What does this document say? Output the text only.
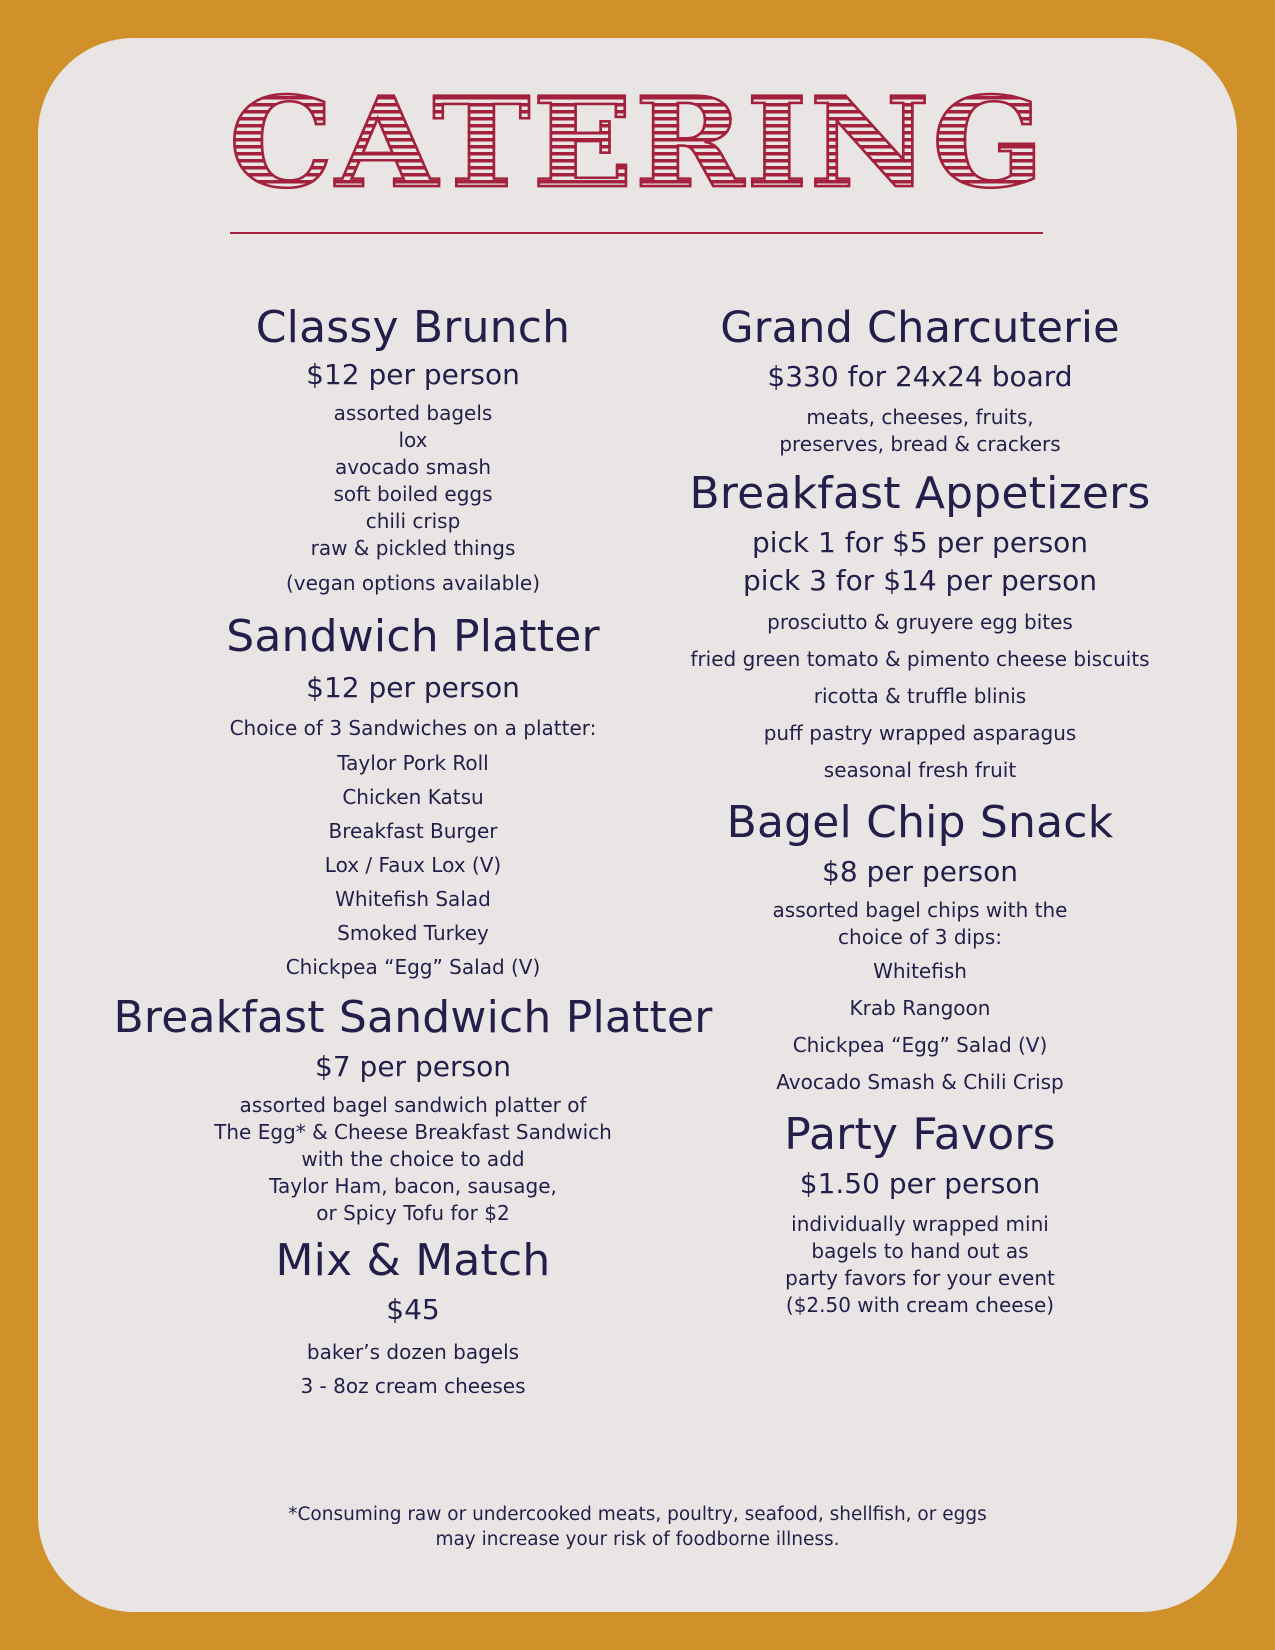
CATERING
Classy Brunch
$12 per person
assorted bagels
lox
avocado smash
soft boiled eggs
chili crisp
raw & pickled things
(vegan options available)
Sandwich Platter
$12 per person
Choice of 3 Sandwiches on a platter:
Taylor Pork Roll
Chicken Katsu
Breakfast Burger
Lox / Faux Lox (V)
Whitefish Salad
Smoked Turkey
Chickpea “Egg” Salad (V)
Breakfast Sandwich Platter
$7 per person
assorted bagel sandwich platter of
The Egg* & Cheese Breakfast Sandwich
with the choice to add
Taylor Ham, bacon, sausage,
or Spicy Tofu for $2
Mix & Match
$45
baker’s dozen bagels
3 - 8oz cream cheeses
Grand Charcuterie
$330 for 24x24 board
meats, cheeses, fruits,
preserves, bread & crackers
Breakfast Appetizers
pick 1 for $5 per person
pick 3 for $14 per person
prosciutto & gruyere egg bites
fried green tomato & pimento cheese biscuits
ricotta & truffle blinis
puff pastry wrapped asparagus
seasonal fresh fruit
Bagel Chip Snack
$8 per person
assorted bagel chips with the
choice of 3 dips:
Whitefish
Krab Rangoon
Chickpea “Egg” Salad (V)
Avocado Smash & Chili Crisp
Party Favors
$1.50 per person
individually wrapped mini
bagels to hand out as
party favors for your event
($2.50 with cream cheese)
*Consuming raw or undercooked meats, poultry, seafood, shellfish, or eggs
may increase your risk of foodborne illness.
